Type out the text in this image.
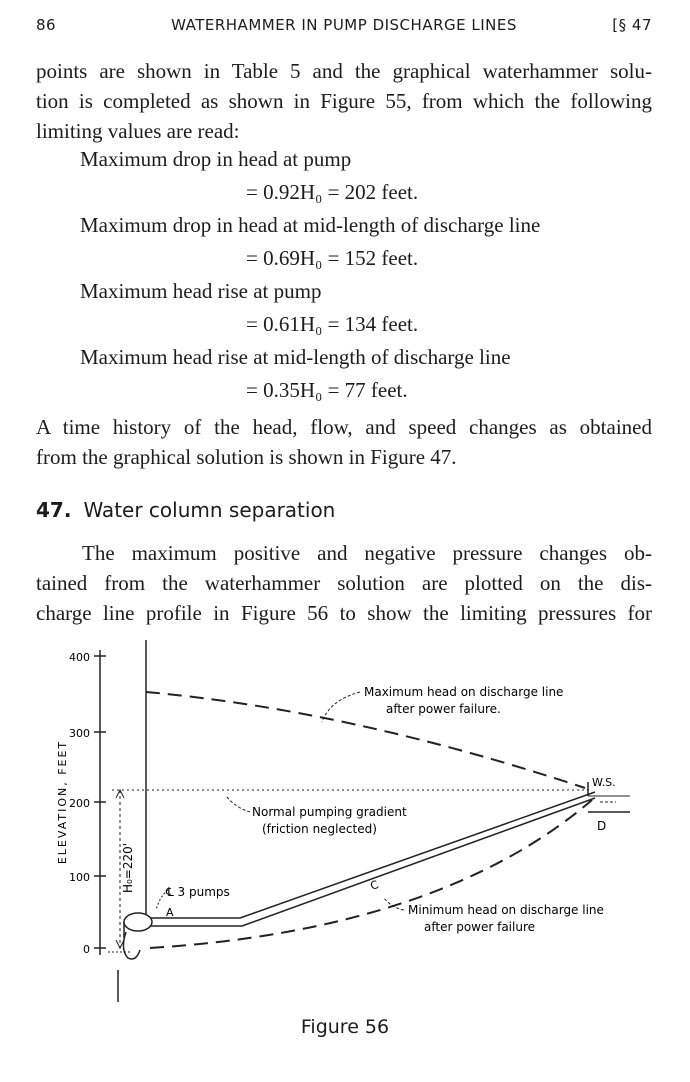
86	WATERHAMMER IN PUMP DISCHARGE LINES	[§ 47
points are shown in Table 5 and the graphical waterhammer solu-
tion is completed as shown in Figure 55, from which the following
limiting values are read:
Maximum drop in head at pump
= 0.92H₀ = 202 feet.
Maximum drop in head at mid-length of discharge line
= 0.69H₀ = 152 feet.
Maximum head rise at pump
= 0.61H₀ = 134 feet.
Maximum head rise at mid-length of discharge line
= 0.35H₀ = 77 feet.
A time history of the head, flow, and speed changes as obtained
from the graphical solution is shown in Figure 47.
47. Water column separation
The maximum positive and negative pressure changes ob-
tained from the waterhammer solution are plotted on the dis-
charge line profile in Figure 56 to show the limiting pressures for
400
300
200
100
0
ELEVATION, FEET
H₀=220'
Maximum head on discharge line
after power failure.
Normal pumping gradient
(friction neglected)
Minimum head on discharge line
after power failure
℄ 3 pumps
A
C
D
W.S.
Figure 56
